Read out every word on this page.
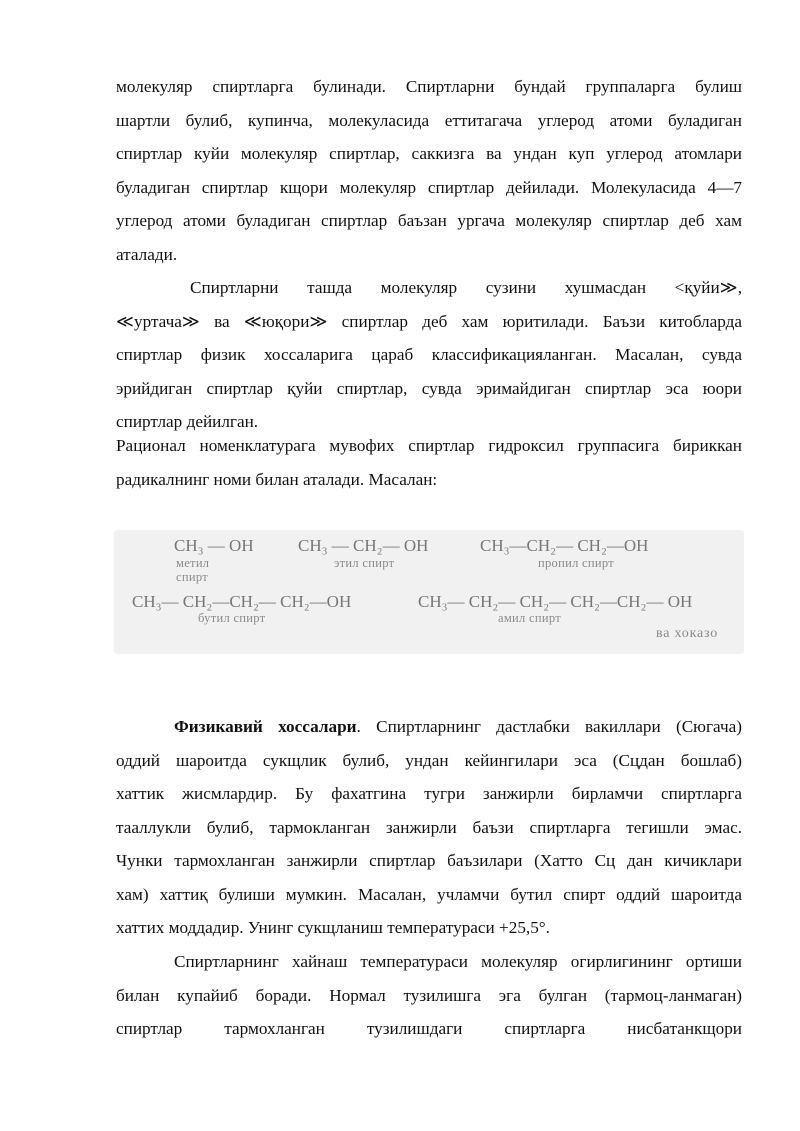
молекуляр спиртларга булинади. Спиртларни бундай группаларга булиш
шартли булиб, купинча, молекуласида еттитагача углерод атоми буладиган
спиртлар куйи молекуляр спиртлар, саккизга ва ундан куп углерод атомлари
буладиган спиртлар кщори молекуляр спиртлар дейилади. Молекуласида 4—7
углерод атоми буладиган спиртлар баъзан ургача молекуляр спиртлар деб хам
аталади.
Спиртларни ташда молекуляр сузини хушмасдан <қуйи≫,
≪уртача≫ ва ≪юқори≫ спиртлар деб хам юритилади. Баъзи китобларда
спиртлар физик хоссаларига цараб классификацияланган. Масалан, сувда
эрийдиган спиртлар қуйи спиртлар, сувда эримайдиган спиртлар эса юори
спиртлар дейилган.
Рационал номенклатурага мувофих спиртлар гидроксил группасига бириккан
радикалнинг номи билан аталади. Масалан:
CH₃ — OH
метил
спирт
CH₃ — CH₂— OH
этил спирт
CH₃—CH₂— CH₂—OH
пропил спирт
CH₃— CH₂—CH₂— CH₂—OH
бутил спирт
CH₃— CH₂— CH₂— CH₂—CH₂— OH
амил спирт
ва хоказо
Физикавий хоссалари. Спиртларнинг дастлабки вакиллари (Сюгача)
оддий шароитда сукщлик булиб, ундан кейингилари эса (Сцдан бошлаб)
хаттик жисмлардир. Бу фахатгина тугри занжирли бирламчи спиртларга
тааллукли булиб, тармокланган занжирли баъзи спиртларга тегишли эмас.
Чунки тармохланган занжирли спиртлар баъзилари (Хатто Сц дан кичиклари
хам) хаттиқ булиши мумкин. Масалан, учламчи бутил спирт оддий шароитда
хаттих моддадир. Унинг сукщланиш температураси +25,5°.
Спиртларнинг хайнаш температураси молекуляр огирлигининг ортиши
билан купайиб боради. Нормал тузилишга эга булган (тармоц-ланмаган)
спиртлар тармохланган тузилишдаги спиртларга нисбатанкщори
